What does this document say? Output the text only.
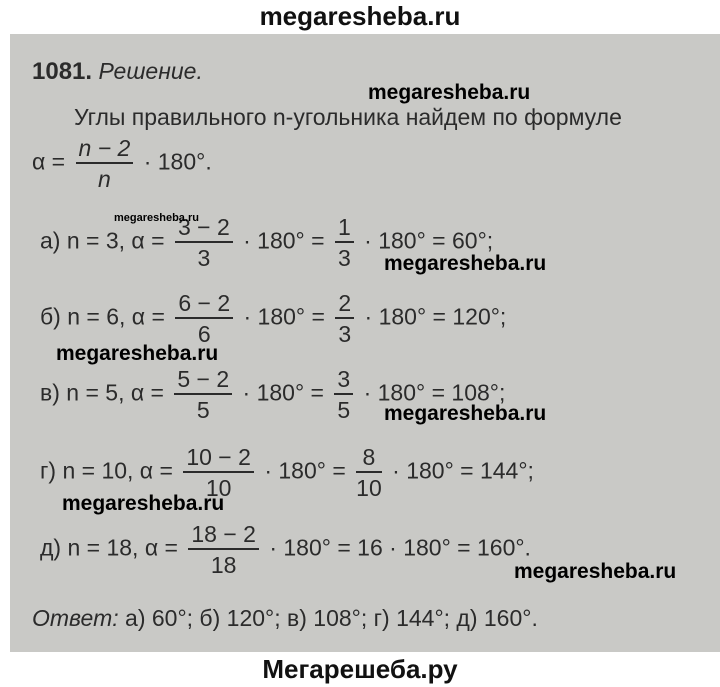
megaresheba.ru
1081. Решение.
Углы правильного n-угольника найдем по формуле
$\alpha = \frac{n - 2}{n} \cdot 180^\circ$.
а) n = 3, $\alpha = \frac{3 - 2}{3} \cdot 180^\circ = \frac{1}{3} \cdot 180^\circ = 60^\circ$;
б) n = 6, $\alpha = \frac{6 - 2}{6} \cdot 180^\circ = \frac{2}{3} \cdot 180^\circ = 120^\circ$;
в) n = 5, $\alpha = \frac{5 - 2}{5} \cdot 180^\circ = \frac{3}{5} \cdot 180^\circ = 108^\circ$;
г) n = 10, $\alpha = \frac{10 - 2}{10} \cdot 180^\circ = \frac{8}{10} \cdot 180^\circ = 144^\circ$;
д) n = 18, $\alpha = \frac{18 - 2}{18} \cdot 180^\circ = 16 \cdot 180^\circ = 160^\circ$.
Ответ: а) 60°; б) 120°; в) 108°; г) 144°; д) 160°.
megaresheba.ru
megaresheba.ru
megaresheba.ru
megaresheba.ru
megaresheba.ru
megaresheba.ru
megaresheba.ru
Мегарешеба.ру
